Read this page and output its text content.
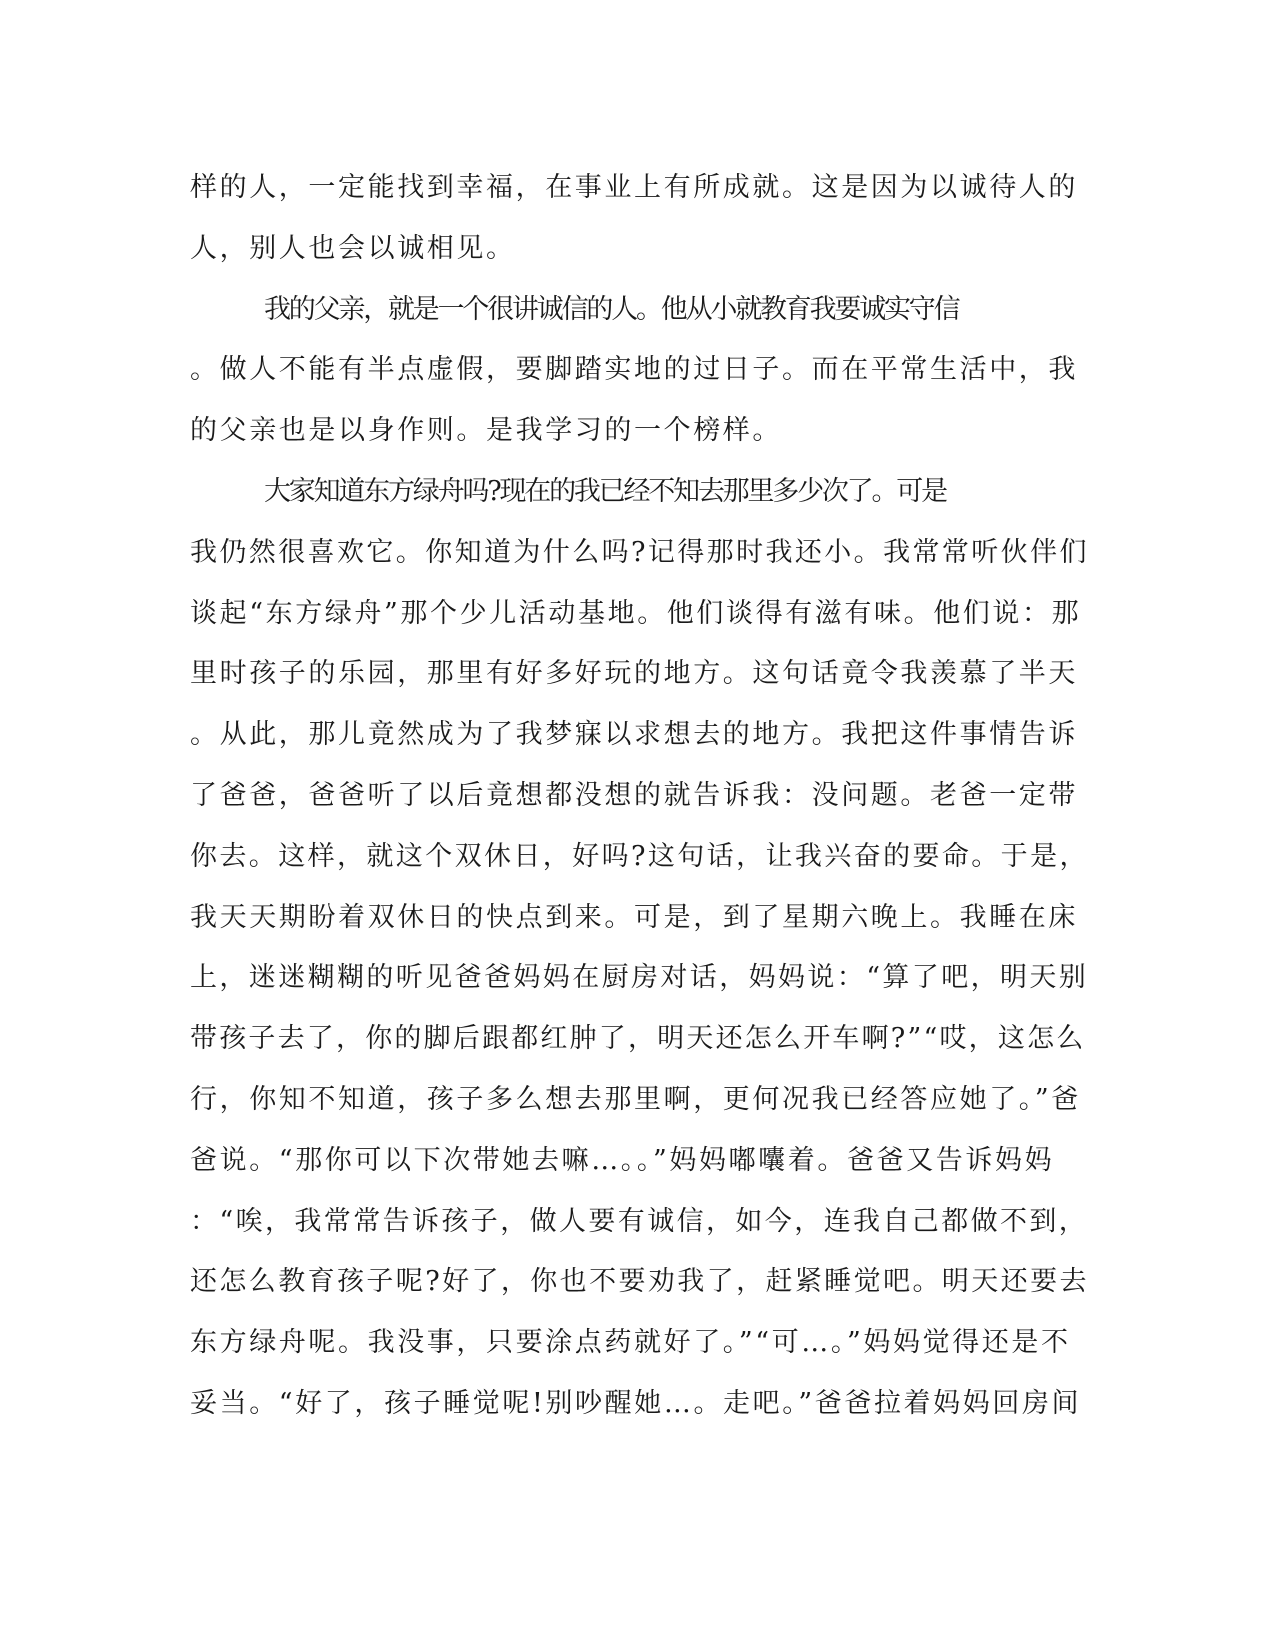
样的人，一定能找到幸福，在事业上有所成就。这是因为以诚待人的
人，别人也会以诚相见。
我的父亲，就是一个很讲诚信的人。他从小就教育我要诚实守信
。做人不能有半点虚假，要脚踏实地的过日子。而在平常生活中，我
的父亲也是以身作则。是我学习的一个榜样。
大家知道东方绿舟吗?现在的我已经不知去那里多少次了。可是
我仍然很喜欢它。你知道为什么吗?记得那时我还小。我常常听伙伴们
谈起“东方绿舟”那个少儿活动基地。他们谈得有滋有味。他们说：那
里时孩子的乐园，那里有好多好玩的地方。这句话竟令我羡慕了半天
。从此，那儿竟然成为了我梦寐以求想去的地方。我把这件事情告诉
了爸爸，爸爸听了以后竟想都没想的就告诉我：没问题。老爸一定带
你去。这样，就这个双休日，好吗?这句话，让我兴奋的要命。于是，
我天天期盼着双休日的快点到来。可是，到了星期六晚上。我睡在床
上，迷迷糊糊的听见爸爸妈妈在厨房对话，妈妈说：“算了吧，明天别
带孩子去了，你的脚后跟都红肿了，明天还怎么开车啊?”“哎，这怎么
行，你知不知道，孩子多么想去那里啊，更何况我已经答应她了。”爸
爸说。“那你可以下次带她去嘛…。。”妈妈嘟囔着。爸爸又告诉妈妈
：“唉，我常常告诉孩子，做人要有诚信，如今，连我自己都做不到，
还怎么教育孩子呢?好了，你也不要劝我了，赶紧睡觉吧。明天还要去
东方绿舟呢。我没事，只要涂点药就好了。”“可…。”妈妈觉得还是不
妥当。“好了，孩子睡觉呢!别吵醒她…。走吧。”爸爸拉着妈妈回房间
